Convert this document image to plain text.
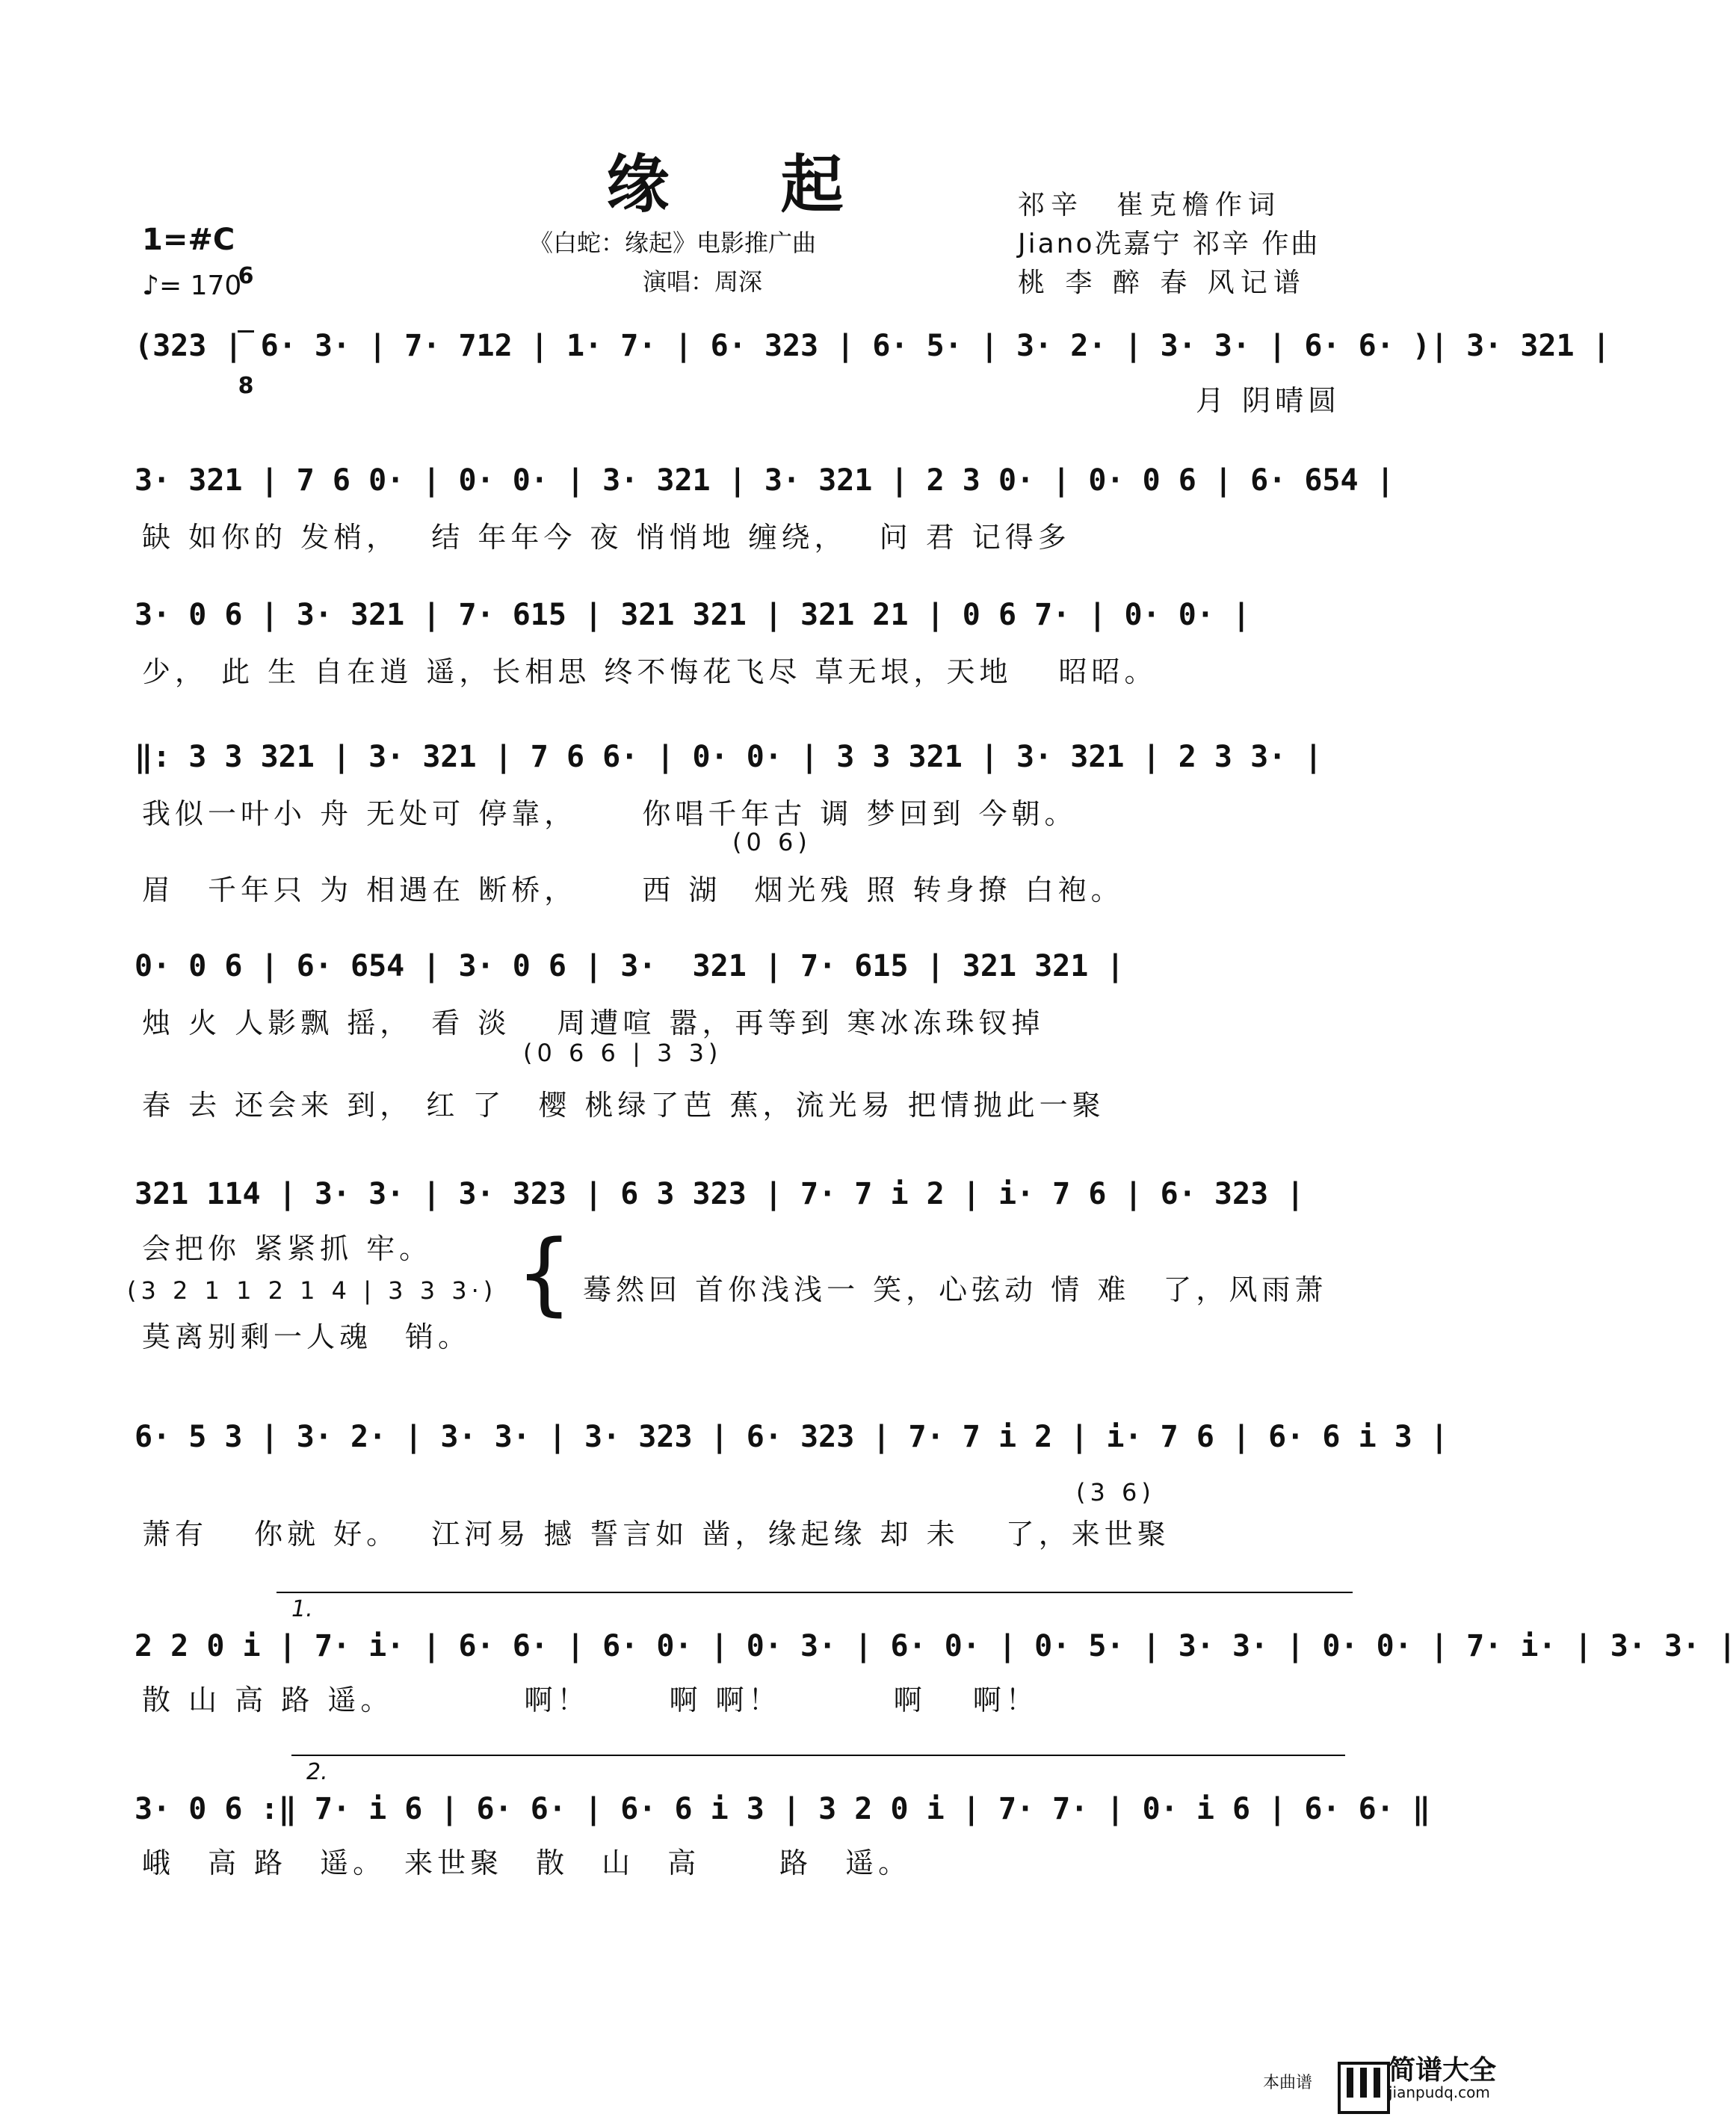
缘 起
《白蛇：缘起》电影推广曲
演唱：周深
祁辛　崔克檐作词
Jiano冼嘉宁 祁辛 作曲
桃 李 醉 春 风记谱
1=#C

6

8

♪= 170
(323 | 6· 3· | 7· 712 | 1· 7· | 6· 323 | 6· 5· | 3· 2· | 3· 3· | 6· 6· )| 3· 321 |
月 阴晴圆
3· 321 | 7 6 0· | 0· 0· | 3· 321 | 3· 321 | 2 3 0· | 0· 0 6 | 6· 654 |
缺 如你的 发梢，　 结 年年今 夜 悄悄地 缠绕，　 问 君 记得多
3· 0 6 | 3· 321 | 7· 615 | 321 321 | 321 21 | 0 6 7· | 0· 0· |
少， 此 生 自在逍 遥，长相思 终不悔花飞尽 草无垠，天地　 昭昭。
‖: 3 3 321 | 3· 321 | 7 6 6· | 0· 0· | 3 3 321 | 3· 321 | 2 3 3· |
我似一叶小 舟 无处可 停靠，　　 你唱千年古 调 梦回到 今朝。
(0 6)
眉　千年只 为 相遇在 断桥，　　 西 湖　烟光残 照 转身撩 白袍。
0· 0 6 | 6· 654 | 3· 0 6 | 3·  321 | 7· 615 | 321 321 |
烛 火 人影飘 摇，　看 淡　 周遭喧 嚣，再等到 寒冰冻珠钗掉
(0 6 6 | 3 3)
春 去 还会来 到， 红 了　樱 桃绿了芭 蕉，流光易 把情抛此一聚
321 114 | 3· 3· | 3· 323 | 6 3 323 | 7· 7 i 2 | i· 7 6 | 6· 323 |
会把你 紧紧抓 牢。
(3 2 1 1 2 1 4 | 3 3 3·)
莫离别剩一人魂　销。
{ 蓦然回 首你浅浅一 笑，心弦动 情 难　了，风雨萧
6· 5 3 | 3· 2· | 3· 3· | 3· 323 | 6· 323 | 7· 7 i 2 | i· 7 6 | 6· 6 i 3 |
(3 6)
萧有　 你就 好。　 江河易 撼 誓言如 凿，缘起缘 却 未　 了，来世聚
1.
2 2 0 i | 7· i· | 6· 6· | 6· 0· | 0· 3· | 6· 0· | 0· 5· | 3· 3· | 0· 0· | 7· i· | 3· 3· |
散 山 高 路 遥。　　　　 啊！　　 啊 啊！　　　 啊　 啊！
2.
3· 0 6 :‖ 7· i 6 | 6· 6· | 6· 6 i 3 | 3 2 0 i | 7· 7· | 0· i 6 | 6· 6· ‖
峨　高 路　遥。　来世聚　散　山　高　　 路　遥。
本曲谱

	简谱大全
jianpudq.com
